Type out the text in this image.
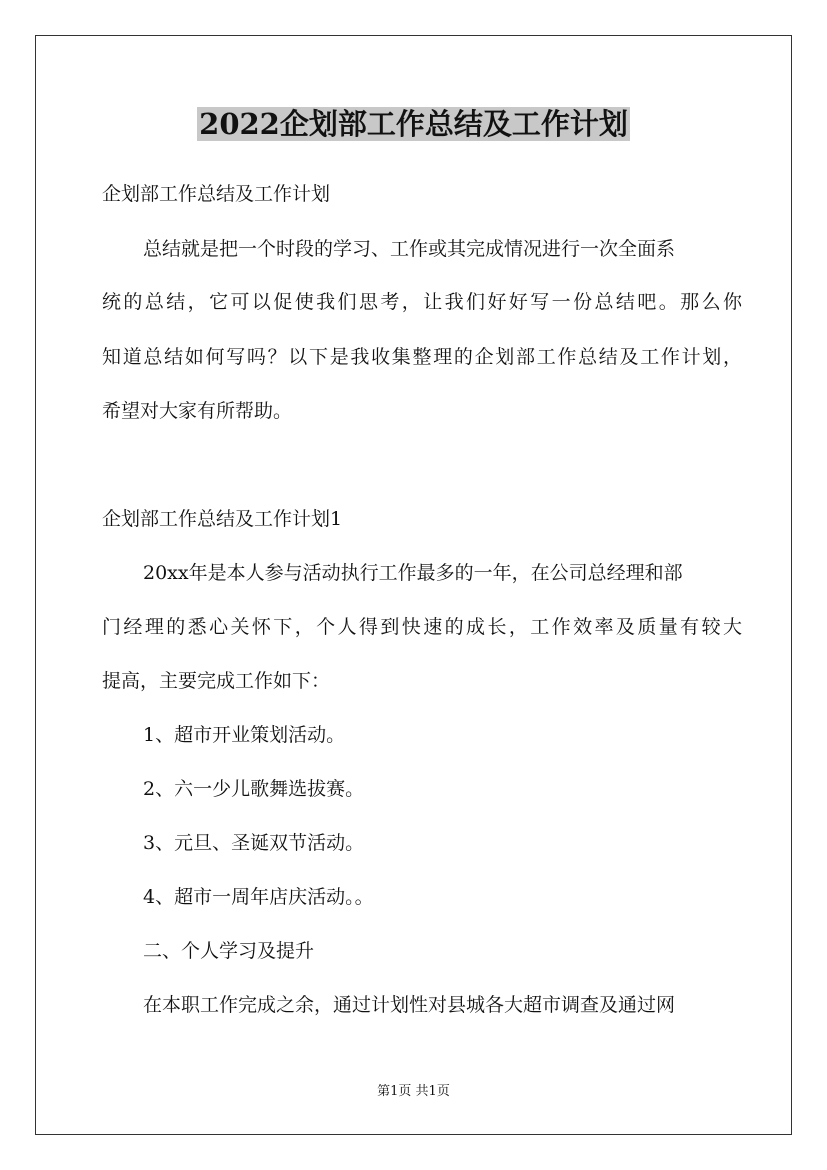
2022企划部工作总结及工作计划
企划部工作总结及工作计划
总结就是把一个时段的学习、工作或其完成情况进行一次全面系
统的总结，它可以促使我们思考，让我们好好写一份总结吧。那么你
知道总结如何写吗？以下是我收集整理的企划部工作总结及工作计划，
希望对大家有所帮助。
企划部工作总结及工作计划1
20xx年是本人参与活动执行工作最多的一年，在公司总经理和部
门经理的悉心关怀下，个人得到快速的成长，工作效率及质量有较大
提高，主要完成工作如下：
1、超市开业策划活动。
2、六一少儿歌舞选拔赛。
3、元旦、圣诞双节活动。
4、超市一周年店庆活动。。
二、个人学习及提升
在本职工作完成之余，通过计划性对县城各大超市调查及通过网
第1页 共1页
